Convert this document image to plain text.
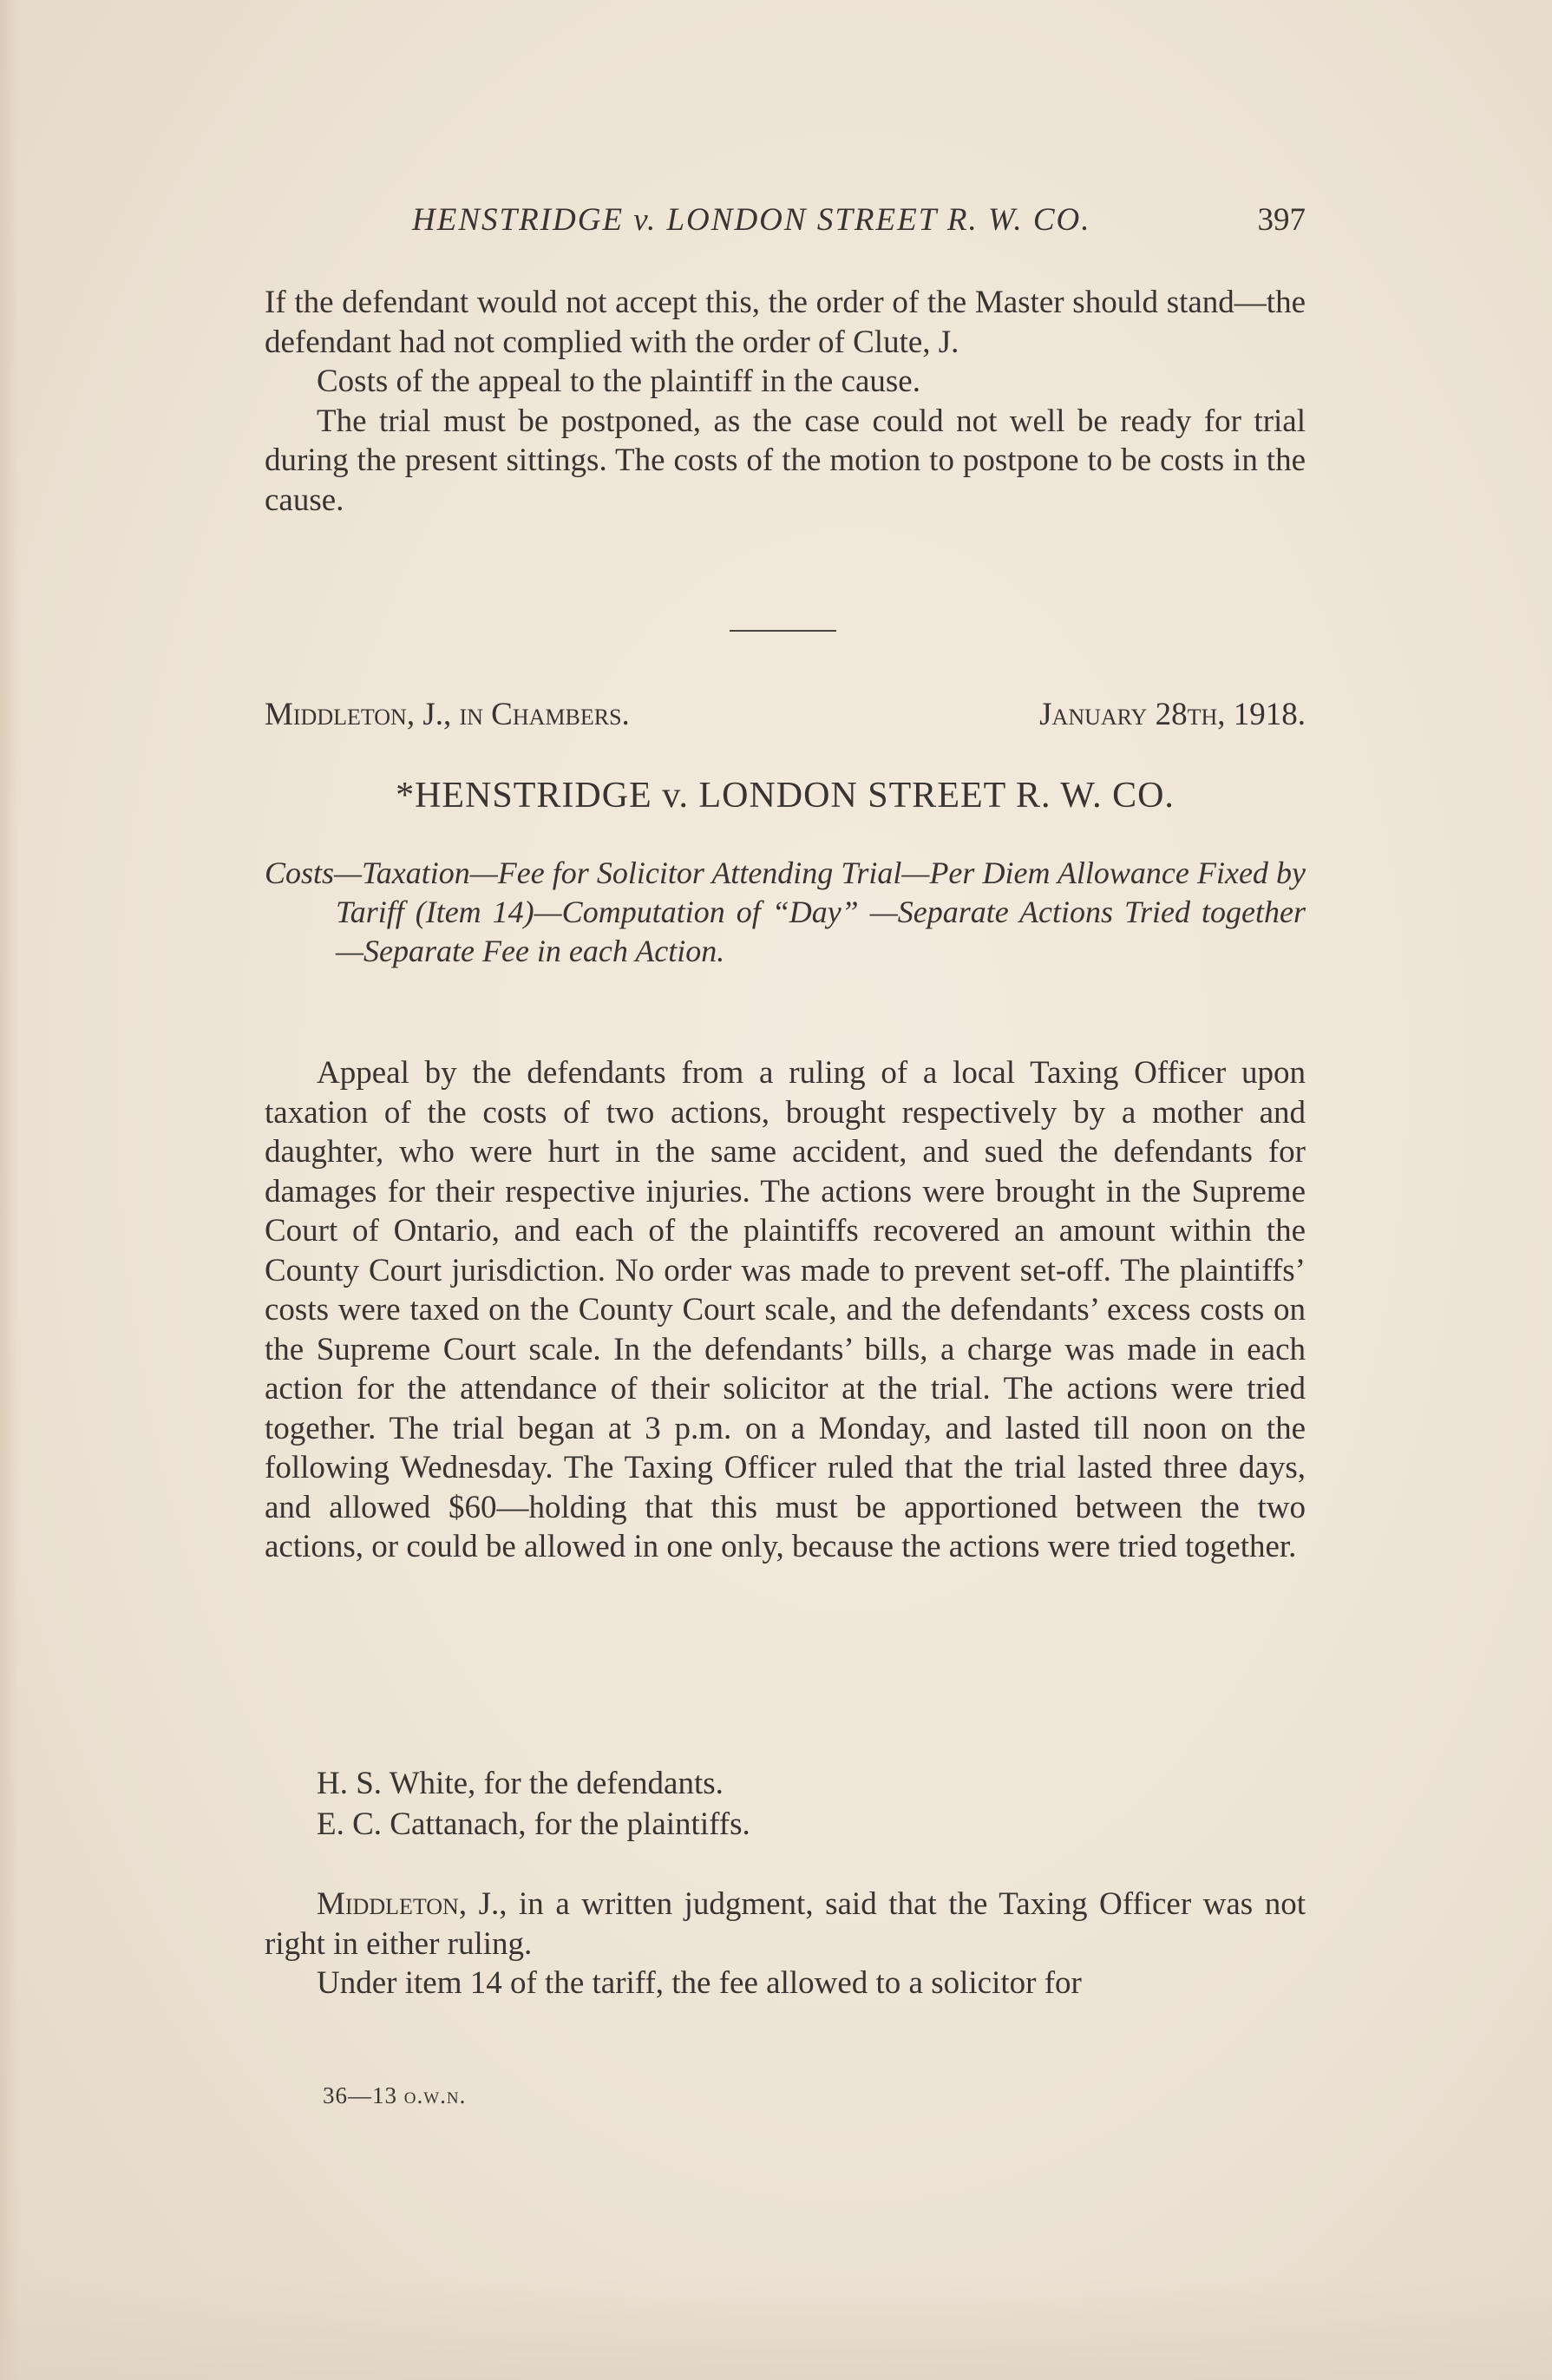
HENSTRIDGE v. LONDON STREET R. W. CO.	397

If the defendant would not accept this, the order of the Master should stand—the defendant had not complied with the order of Clute, J.

Costs of the appeal to the plaintiff in the cause.

The trial must be postponed, as the case could not well be ready for trial during the present sittings. The costs of the motion to postpone to be costs in the cause.

Middleton, J., in Chambers.	January 28th, 1918.
*HENSTRIDGE v. LONDON STREET R. W. CO.
Costs—Taxation—Fee for Solicitor Attending Trial—Per Diem Allowance Fixed by Tariff (Item 14)—Computation of “Day” —Separate Actions Tried together—Separate Fee in each Action.

Appeal by the defendants from a ruling of a local Taxing Officer upon taxation of the costs of two actions, brought respectively by a mother and daughter, who were hurt in the same accident, and sued the defendants for damages for their respective injuries. The actions were brought in the Supreme Court of Ontario, and each of the plaintiffs recovered an amount within the County Court jurisdiction. No order was made to prevent set-off. The plaintiffs’ costs were taxed on the County Court scale, and the defendants’ excess costs on the Supreme Court scale. In the defendants’ bills, a charge was made in each action for the attendance of their solicitor at the trial. The actions were tried together. The trial began at 3 p.m. on a Monday, and lasted till noon on the following Wednesday. The Taxing Officer ruled that the trial lasted three days, and allowed $60—holding that this must be apportioned between the two actions, or could be allowed in one only, because the actions were tried together.

H. S. White, for the defendants.

E. C. Cattanach, for the plaintiffs.

Middleton, J., in a written judgment, said that the Taxing Officer was not right in either ruling.

Under item 14 of the tariff, the fee allowed to a solicitor for

36—13 o.w.n.
